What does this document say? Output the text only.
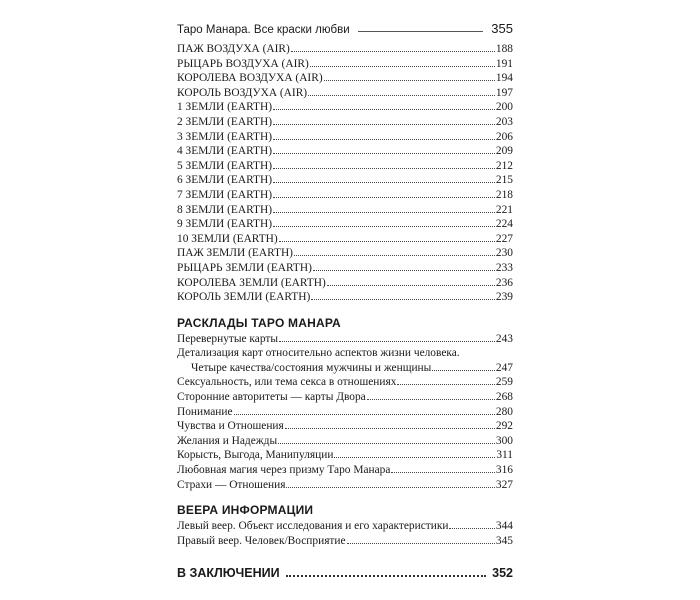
Таро Манара. Все краски любви	355
ПАЖ ВОЗДУХА (AIR)	188
РЫЦАРЬ ВОЗДУХА (AIR)	191
КОРОЛЕВА ВОЗДУХА (AIR)	194
КОРОЛЬ ВОЗДУХА (AIR)	197
1 ЗЕМЛИ (EARTH)	200
2 ЗЕМЛИ (EARTH)	203
3 ЗЕМЛИ (EARTH)	206
4 ЗЕМЛИ (EARTH)	209
5 ЗЕМЛИ (EARTH)	212
6 ЗЕМЛИ (EARTH)	215
7 ЗЕМЛИ (EARTH)	218
8 ЗЕМЛИ (EARTH)	221
9 ЗЕМЛИ (EARTH)	224
10 ЗЕМЛИ (EARTH)	227
ПАЖ ЗЕМЛИ (EARTH)	230
РЫЦАРЬ ЗЕМЛИ (EARTH)	233
КОРОЛЕВА ЗЕМЛИ (EARTH)	236
КОРОЛЬ ЗЕМЛИ (EARTH)	239
РАСКЛАДЫ ТАРО МАНАРА
Перевернутые карты	243
Детализация карт относительно аспектов жизни человека.
Четыре качества/состояния мужчины и женщины	247
Сексуальность, или тема секса в отношениях	259
Сторонние авторитеты — карты Двора	268
Понимание	280
Чувства и Отношения	292
Желания и Надежды	300
Корысть, Выгода, Манипуляции	311
Любовная магия через призму Таро Манара	316
Страхи — Отношения	327
ВЕЕРА ИНФОРМАЦИИ
Левый веер. Объект исследования и его характеристики	344
Правый веер. Человек/Восприятие	345
В ЗАКЛЮЧЕНИИ	352
